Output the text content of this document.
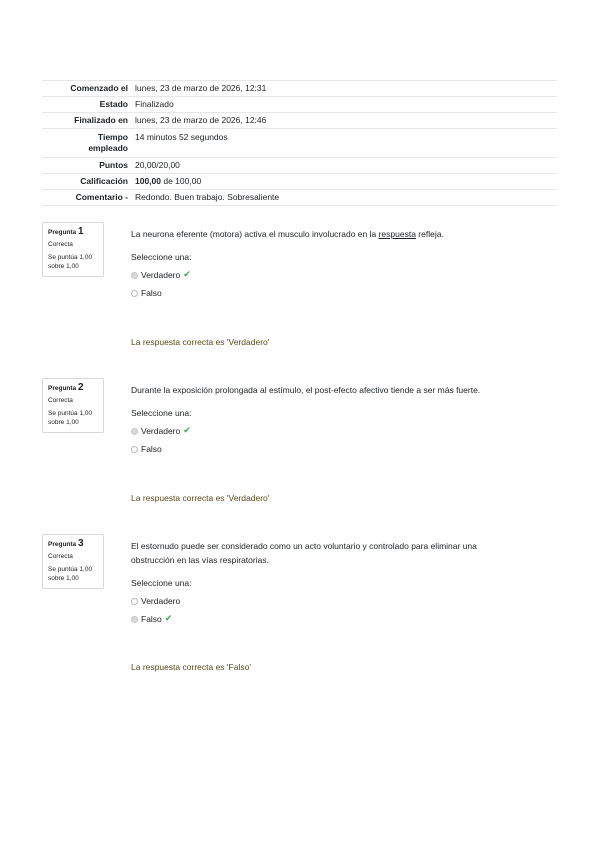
Comenzado el	lunes, 23 de marzo de 2026, 12:31
Estado	Finalizado
Finalizado en	lunes, 23 de marzo de 2026, 12:46
Tiempo
empleado	14 minutos 52 segundos
Puntos	20,00/20,00
Calificación	100,00 de 100,00
Comentario -	Redondo. Buen trabajo. Sobresaliente
Pregunta 1
Correcta
Se puntúa 1,00
sobre 1,00
La neurona eferente (motora) activa el musculo involucrado en la respuesta refleja.
Seleccione una:
Verdadero ✔
Falso
La respuesta correcta es 'Verdadero'
Pregunta 2
Correcta
Se puntúa 1,00
sobre 1,00
Durante la exposición prolongada al estímulo, el post-efecto afectivo tiende a ser más fuerte.
Seleccione una:
Verdadero ✔
Falso
La respuesta correcta es 'Verdadero'
Pregunta 3
Correcta
Se puntúa 1,00
sobre 1,00
El estornudo puede ser considerado como un acto voluntario y controlado para eliminar una
obstrucción en las vías respiratorias.
Seleccione una:
Verdadero
Falso ✔
La respuesta correcta es 'Falso'
